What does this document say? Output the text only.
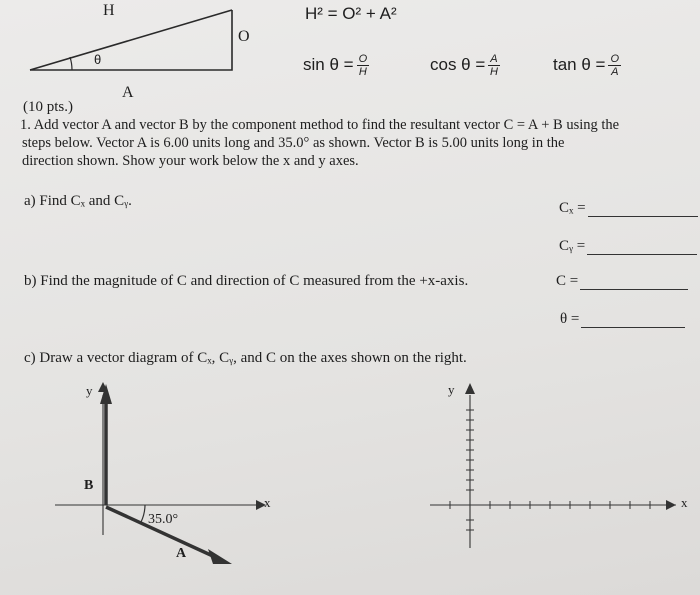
H
O
A
θ
H² = O² + A²
$\sin \theta = \frac{O}{H}$	$\cos \theta = \frac{A}{H}$	$\tan \theta = \frac{O}{A}$
(10 pts.)
1. Add vector A and vector B by the component method to find the resultant vector C = A + B using the
steps below. Vector A is 6.00 units long and 35.0° as shown. Vector B is 5.00 units long in the
direction shown. Show your work below the x and y axes.
a) Find Cₓ and Cᵧ.
b) Find the magnitude of C and direction of C measured from the +x-axis.
c) Draw a vector diagram of Cₓ, Cᵧ, and C on the axes shown on the right.
Cₓ =
Cᵧ =
C =
θ =
y
x
B
A
35.0°
y
x
